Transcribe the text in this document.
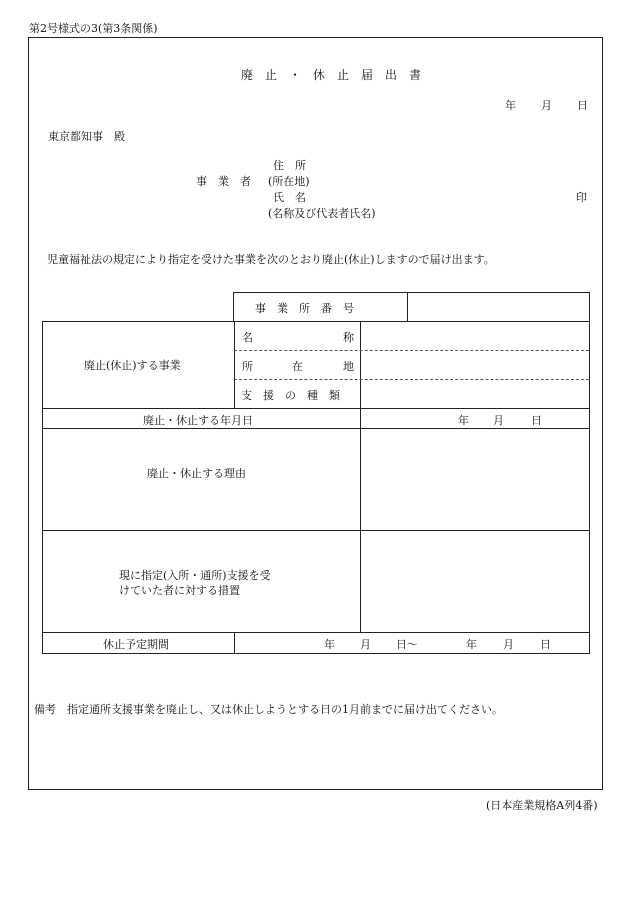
第2号様式の3(第3条関係)
廃　止　・　休　止　届　出　書
年 月 日
東京都知事　殿
住　所
事　業　者 (所在地)
氏　名	印
(名称及び代表者氏名)
児童福祉法の規定により指定を受けた事業を次のとおり廃止(休止)しますので届け出ます。
事　業　所　番　号
廃止(休止)する事業
名	称
所	在	地
支　援　の　種　類
廃止・休止する年月日	年 月 日
廃止・休止する理由
現に指定(入所・通所)支援を受
けていた者に対する措置
休止予定期間	年 月 日〜	年 月 日
備考　指定通所支援事業を廃止し、又は休止しようとする日の1月前までに届け出てください。
(日本産業規格A列4番)
